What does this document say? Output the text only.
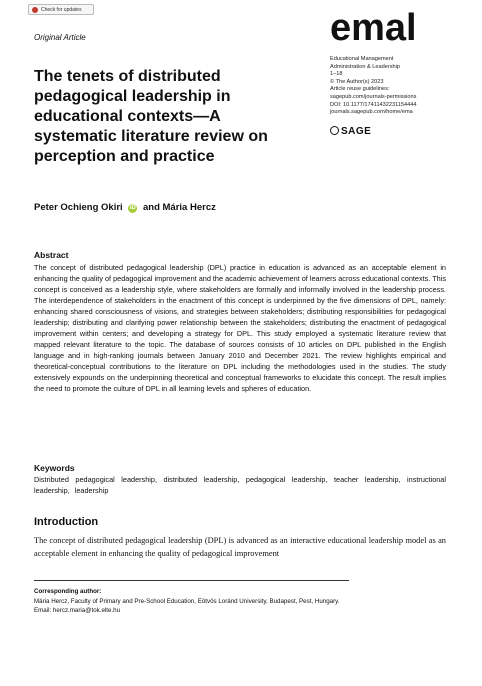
Check for updates
Original Article	emal
Educational Management
Administration & Leadership
1–18
© The Author(s) 2023
Article reuse guidelines:
sagepub.com/journals-permissions
DOI: 10.1177/17411432231154444
journals.sagepub.com/home/ema
SAGE
The tenets of distributed pedagogical leadership in educational contexts—A systematic literature review on perception and practice
Peter Ochieng Okiri iD and Mária Hercz
Abstract
The concept of distributed pedagogical leadership (DPL) practice in education is advanced as an acceptable element in enhancing the quality of pedagogical improvement and the academic achievement of learners across educational contexts. This concept is conceived as a leadership style, where stakeholders are formally and informally involved in the leadership process. The interdependence of stakeholders in the enactment of this concept is underpinned by the five dimensions of DPL, namely: enhancing shared consciousness of visions, and strategies between stakeholders; distributing responsibilities for pedagogical leadership; distributing and clarifying power relationship between the stakeholders; distributing the enactment of pedagogical improvement within centers; and developing a strategy for DPL. This study employed a systematic literature review that mapped relevant literature to the topic. The database of sources consists of 10 articles on DPL published in the English language and in high-ranking journals between January 2010 and December 2021. The review highlights empirical and theoretical-conceptual contributions to the literature on DPL including the methodologies used in the studies. The study extensively expounds on the underpinning theoretical and conceptual frameworks to elucidate this concept. The result implies the need to promote the culture of DPL in all learning levels and spheres of education.
Keywords
Distributed pedagogical leadership, distributed leadership, pedagogical leadership, teacher leadership, instructional leadership, leadership
Introduction
The concept of distributed pedagogical leadership (DPL) is advanced as an interactive educational leadership model as an acceptable element in enhancing the quality of pedagogical improvement
Corresponding author:
Mária Hercz, Faculty of Primary and Pre-School Education, Eötvös Loránd University, Budapest, Pest, Hungary.
Email: hercz.maria@tok.elte.hu
